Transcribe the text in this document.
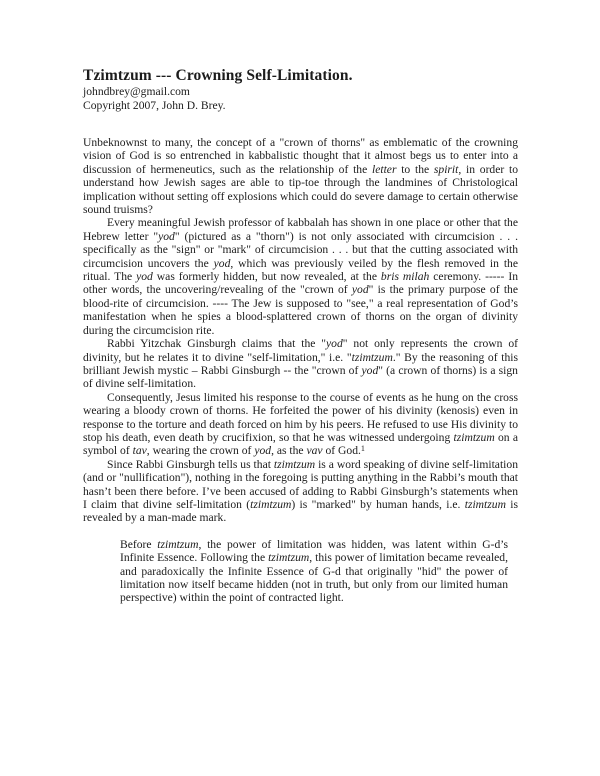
Tzimtzum --- Crowning Self-Limitation.
johndbrey@gmail.com
Copyright 2007, John D. Brey.

Unbeknownst to many, the concept of a "crown of thorns" as emblematic of the crowning vision of God is so entrenched in kabbalistic thought that it almost begs us to enter into a discussion of hermeneutics, such as the relationship of the letter to the spirit, in order to understand how Jewish sages are able to tip-toe through the landmines of Christological implication without setting off explosions which could do severe damage to certain otherwise sound truisms?

Every meaningful Jewish professor of kabbalah has shown in one place or other that the Hebrew letter "yod" (pictured as a "thorn") is not only associated with circumcision . . . specifically as the "sign" or "mark" of circumcision . . . but that the cutting associated with circumcision uncovers the yod, which was previously veiled by the flesh removed in the ritual. The yod was formerly hidden, but now revealed, at the bris milah ceremony. ----- In other words, the uncovering/revealing of the "crown of yod" is the primary purpose of the blood-rite of circumcision. ---- The Jew is supposed to "see," a real representation of God’s manifestation when he spies a blood-splattered crown of thorns on the organ of divinity during the circumcision rite.

Rabbi Yitzchak Ginsburgh claims that the "yod" not only represents the crown of divinity, but he relates it to divine "self-limitation," i.e. "tzimtzum." By the reasoning of this brilliant Jewish mystic – Rabbi Ginsburgh -- the "crown of yod" (a crown of thorns) is a sign of divine self-limitation.

Consequently, Jesus limited his response to the course of events as he hung on the cross wearing a bloody crown of thorns. He forfeited the power of his divinity (kenosis) even in response to the torture and death forced on him by his peers. He refused to use His divinity to stop his death, even death by crucifixion, so that he was witnessed undergoing tzimtzum on a symbol of tav, wearing the crown of yod, as the vav of God.$^1$

Since Rabbi Ginsburgh tells us that tzimtzum is a word speaking of divine self-limitation (and or "nullification"), nothing in the foregoing is putting anything in the Rabbi’s mouth that hasn’t been there before. I’ve been accused of adding to Rabbi Ginsburgh’s statements when I claim that divine self-limitation (tzimtzum) is "marked" by human hands, i.e. tzimtzum is revealed by a man-made mark.

Before tzimtzum, the power of limitation was hidden, was latent within G-d’s Infinite Essence. Following the tzimtzum, this power of limitation became revealed, and paradoxically the Infinite Essence of G-d that originally "hid" the power of limitation now itself became hidden (not in truth, but only from our limited human perspective) within the point of contracted light.
